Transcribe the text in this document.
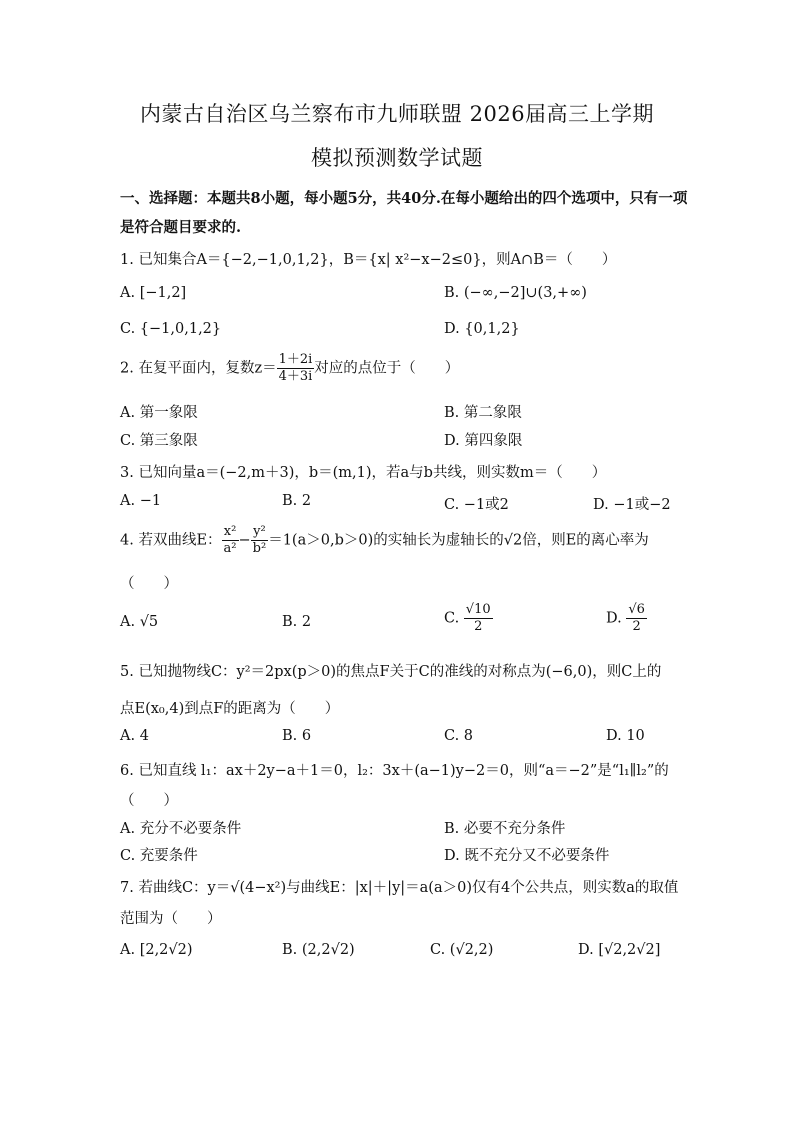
内蒙古自治区乌兰察布市九师联盟 2026届高三上学期
模拟预测数学试题
一、选择题：本题共8小题，每小题5分，共40分.在每小题给出的四个选项中，只有一项
是符合题目要求的.
1. 已知集合A＝{−2,−1,0,1,2}，B＝{x| x²−x−2≤0}，则A∩B＝（　　）
A. [−1,2]	B. (−∞,−2]∪(3,+∞)
C. {−1,0,1,2}	D. {0,1,2}
2. 在复平面内，复数$z= \frac{1+2i}{4+3i}$ 对应的点位于（　　）
A. 第一象限	B. 第二象限
C. 第三象限	D. 第四象限
3. 已知向量a＝(−2,m＋3)，b＝(m,1)，若a与b共线，则实数m＝（　　）
A. −1	B. 2	C. −1或2	D. −1或−2
4. 若双曲线E： $\frac{\text{x²}}{\text{a²}} - \frac{\text{y²}}{\text{b²}} =1(a>0,b>0)$的实轴长为虚轴长的√2倍，则E的离心率为
（　　）
A. √5	B. 2	C. $\frac{√10}{2}$	D. $\frac{√6}{2}$
5. 已知抛物线C：y²＝2px(p＞0)的焦点F关于C的准线的对称点为(−6,0)，则C上的
点E(x₀,4)到点F的距离为（　　）
A. 4	B. 6	C. 8	D. 10
6. 已知直线 l₁：ax＋2y−a＋1＝0，l₂：3x＋(a−1)y−2＝0，则“a＝−2”是“l₁∥l₂”的
（　　）
A. 充分不必要条件	B. 必要不充分条件
C. 充要条件	D. 既不充分又不必要条件
7. 若曲线C：y＝√(4−x²)与曲线E：|x|＋|y|＝a(a＞0)仅有4个公共点，则实数a的取值
范围为（　　）
A. [2,2√2)	B. (2,2√2)	C. (√2,2)	D. [√2,2√2]
